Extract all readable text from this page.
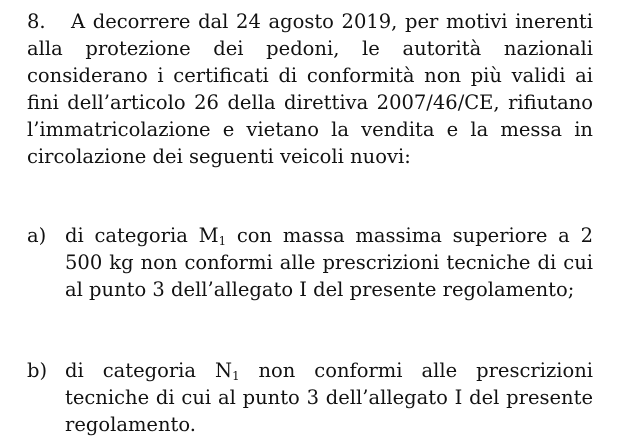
8. A decorrere dal 24 agosto 2019, per motivi inerenti alla protezione dei pedoni, le autorità nazionali considerano i certificati di conformità non più validi ai fini dell’articolo 26 della direttiva 2007/46/CE, rifiutano l’immatricolazione e vietano la vendita e la messa in circolazione dei seguenti veicoli nuovi:

a) di categoria $M_1$ con massa massima superiore a 2 500 kg non conformi alle prescrizioni tecniche di cui al punto 3 dell’allegato I del presente regolamento;

b) di categoria $N_1$ non conformi alle prescrizioni tecniche di cui al punto 3 dell’allegato I del presente regolamento.
